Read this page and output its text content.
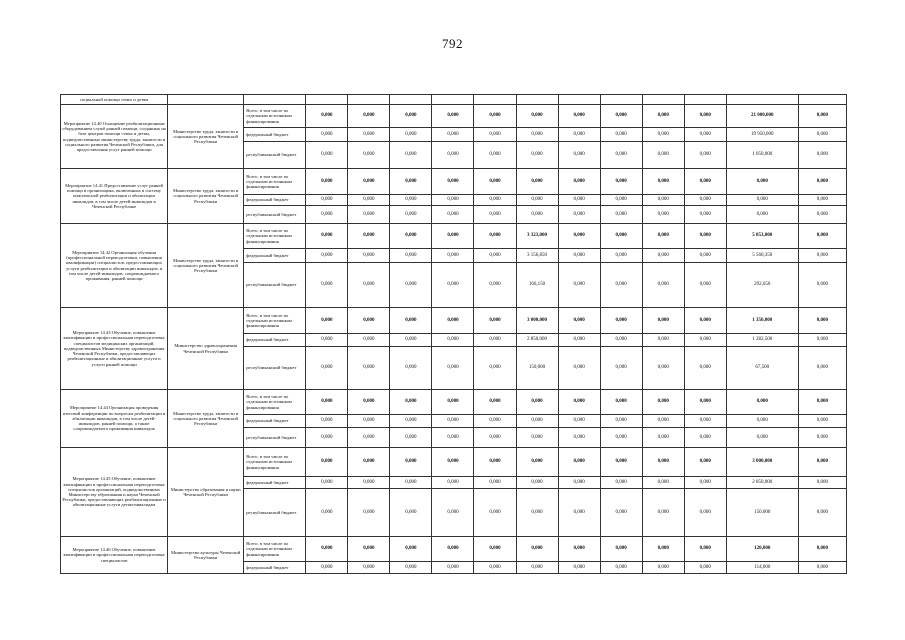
792
социальной помощи семье и детям														
Мероприятие 14.40 Оснащение реабилитационным оборудованием служб ранней помощи, созданных на базе центров помощи семье и детям, подведомственных министерству труда, занятости и социального развития Чеченской Республики, для предоставления услуг ранней помощи	Министерство труда, занятости и социального развития Чеченской Республики	Всего, в том числе по отдельным источникам финансирования	0,000	0,000	0,000	0,000	0,000	0,000	0,000	0,000	0,000	0,000	21 000,000	0,000
		федеральный бюджет	0,000	0,000	0,000	0,000	0,000	0,000	0,000	0,000	0,000	0,000	19 950,000	0,000
		республиканский бюджет	0,000	0,000	0,000	0,000	0,000	0,000	0,000	0,000	0,000	0,000	1 050,000	0,000
Мероприятие 14.41 Предоставление услуг ранней помощи в организациях, включенных в систему комплексной реабилитации и абилитации инвалидов, в том числе детей-инвалидов в Чеченской Республике	Министерство труда, занятости и социального развития Чеченской Республики	Всего, в том числе по отдельным источникам финансирования	0,000	0,000	0,000	0,000	0,000	0,000	0,000	0,000	0,000	0,000	0,000	0,000
		федеральный бюджет	0,000	0,000	0,000	0,000	0,000	0,000	0,000	0,000	0,000	0,000	0,000	0,000
		республиканский бюджет	0,000	0,000	0,000	0,000	0,000	0,000	0,000	0,000	0,000	0,000	0,000	0,000
Мероприятие 14.42 Организация обучения (профессиональной переподготовки, повышения квалификации) специалистов, предоставляющих услуги реабилитации и абилитации инвалидов, в том числе детей-инвалидов, сопровождаемого проживания, ранней помощи	Министерство труда, занятости и социального развития Чеченской Республики	Всего, в том числе по отдельным источникам финансирования	0,000	0,000	0,000	0,000	0,000	3 323,000	0,000	0,000	0,000	0,000	5 853,000	0,000
		федеральный бюджет	0,000	0,000	0,000	0,000	0,000	3 156,850	0,000	0,000	0,000	0,000	5 560,350	0,000
		республиканский бюджет	0,000	0,000	0,000	0,000	0,000	166,150	0,000	0,000	0,000	0,000	292,650	0,000
Мероприятие 14.43 Обучение, повышение квалификации и профессиональная переподготовка специалистов медицинских организаций, подведомственных Министерству здравоохранения Чеченской Республики, предоставляющих реабилитационные и абилитационные услуги и услуги ранней помощи	Министерство здравоохранения Чеченской Республики	Всего, в том числе по отдельным источникам финансирования	0,000	0,000	0,000	0,000	0,000	3 000,000	0,000	0,000	0,000	0,000	1 350,000	0,000
		федеральный бюджет	0,000	0,000	0,000	0,000	0,000	2 850,000	0,000	0,000	0,000	0,000	1 282,500	0,000
		республиканский бюджет	0,000	0,000	0,000	0,000	0,000	150,000	0,000	0,000	0,000	0,000	67,500	0,000
Мероприятие 14.44 Организация проведения итоговой конференции по вопросам реабилитации и абилитации инвалидов, в том числе детей-инвалидов, ранней помощи, а также сопровождаемого проживания инвалидов	Министерство труда, занятости и социального развития Чеченской Республики	Всего, в том числе по отдельным источникам финансирования	0,000	0,000	0,000	0,000	0,000	0,000	0,000	0,000	0,000	0,000	0,000	0,000
		федеральный бюджет	0,000	0,000	0,000	0,000	0,000	0,000	0,000	0,000	0,000	0,000	0,000	0,000
		республиканский бюджет	0,000	0,000	0,000	0,000	0,000	0,000	0,000	0,000	0,000	0,000	0,000	0,000
Мероприятие 14.45 Обучение, повышение квалификации и профессиональная переподготовка специалистов организаций, подведомственных Министерству образования и науки Чеченской Республики, предоставляющих реабилитационные и абилитационные услуги детям-инвалидам	Министерство образования и науки Чеченской Республики	Всего, в том числе по отдельным источникам финансирования	0,000	0,000	0,000	0,000	0,000	0,000	0,000	0,000	0,000	0,000	3 000,000	0,000
		федеральный бюджет	0,000	0,000	0,000	0,000	0,000	0,000	0,000	0,000	0,000	0,000	2 850,000	0,000
		республиканский бюджет	0,000	0,000	0,000	0,000	0,000	0,000	0,000	0,000	0,000	0,000	150,000	0,000
Мероприятие 14.46 Обучение, повышение квалификации и профессиональная переподготовка специалистов	Министерство культуры Чеченской Республики	Всего, в том числе по отдельным источникам финансирования	0,000	0,000	0,000	0,000	0,000	0,000	0,000	0,000	0,000	0,000	120,000	0,000
		федеральный бюджет	0,000	0,000	0,000	0,000	0,000	0,000	0,000	0,000	0,000	0,000	114,000	0,000
